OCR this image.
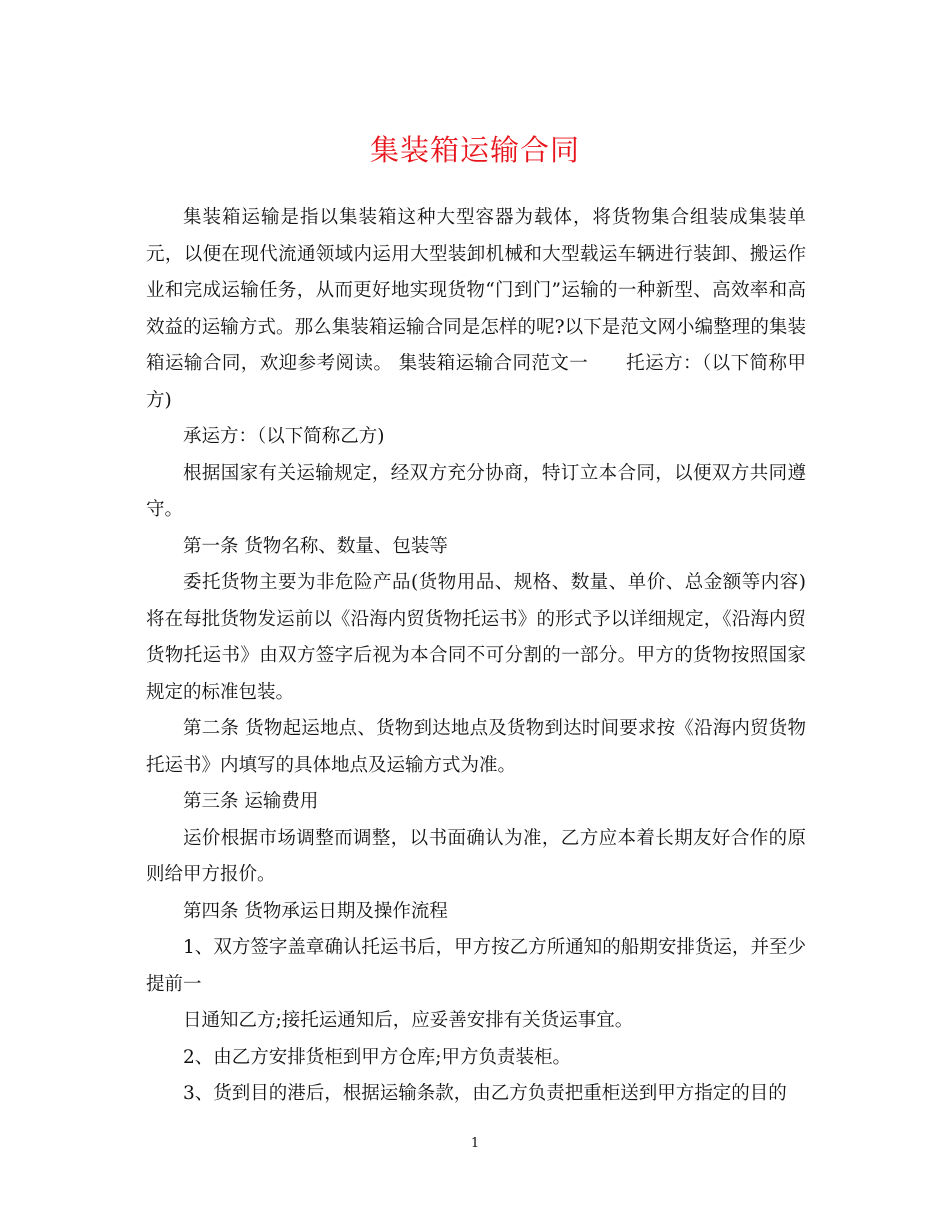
集装箱运输合同

集装箱运输是指以集装箱这种大型容器为载体，将货物集合组装成集装单元，以便在现代流通领域内运用大型装卸机械和大型载运车辆进行装卸、搬运作业和完成运输任务，从而更好地实现货物“门到门”运输的一种新型、高效率和高效益的运输方式。那么集装箱运输合同是怎样的呢?以下是范文网小编整理的集装箱运输合同，欢迎参考阅读。 集装箱运输合同范文一　　托运方：（以下简称甲方)

承运方：（以下简称乙方)

根据国家有关运输规定，经双方充分协商，特订立本合同，以便双方共同遵守。

第一条 货物名称、数量、包装等

委托货物主要为非危险产品(货物用品、规格、数量、单价、总金额等内容) 将在每批货物发运前以《沿海内贸货物托运书》的形式予以详细规定，《沿海内贸货物托运书》由双方签字后视为本合同不可分割的一部分。甲方的货物按照国家规定的标准包装。

第二条 货物起运地点、货物到达地点及货物到达时间要求按《沿海内贸货物托运书》内填写的具体地点及运输方式为准。

第三条 运输费用

运价根据市场调整而调整，以书面确认为准，乙方应本着长期友好合作的原则给甲方报价。

第四条 货物承运日期及操作流程

1、双方签字盖章确认托运书后，甲方按乙方所通知的船期安排货运，并至少提前一

日通知乙方;接托运通知后，应妥善安排有关货运事宜。

2、由乙方安排货柜到甲方仓库;甲方负责装柜。

3、货到目的港后，根据运输条款，由乙方负责把重柜送到甲方指定的目的

1
